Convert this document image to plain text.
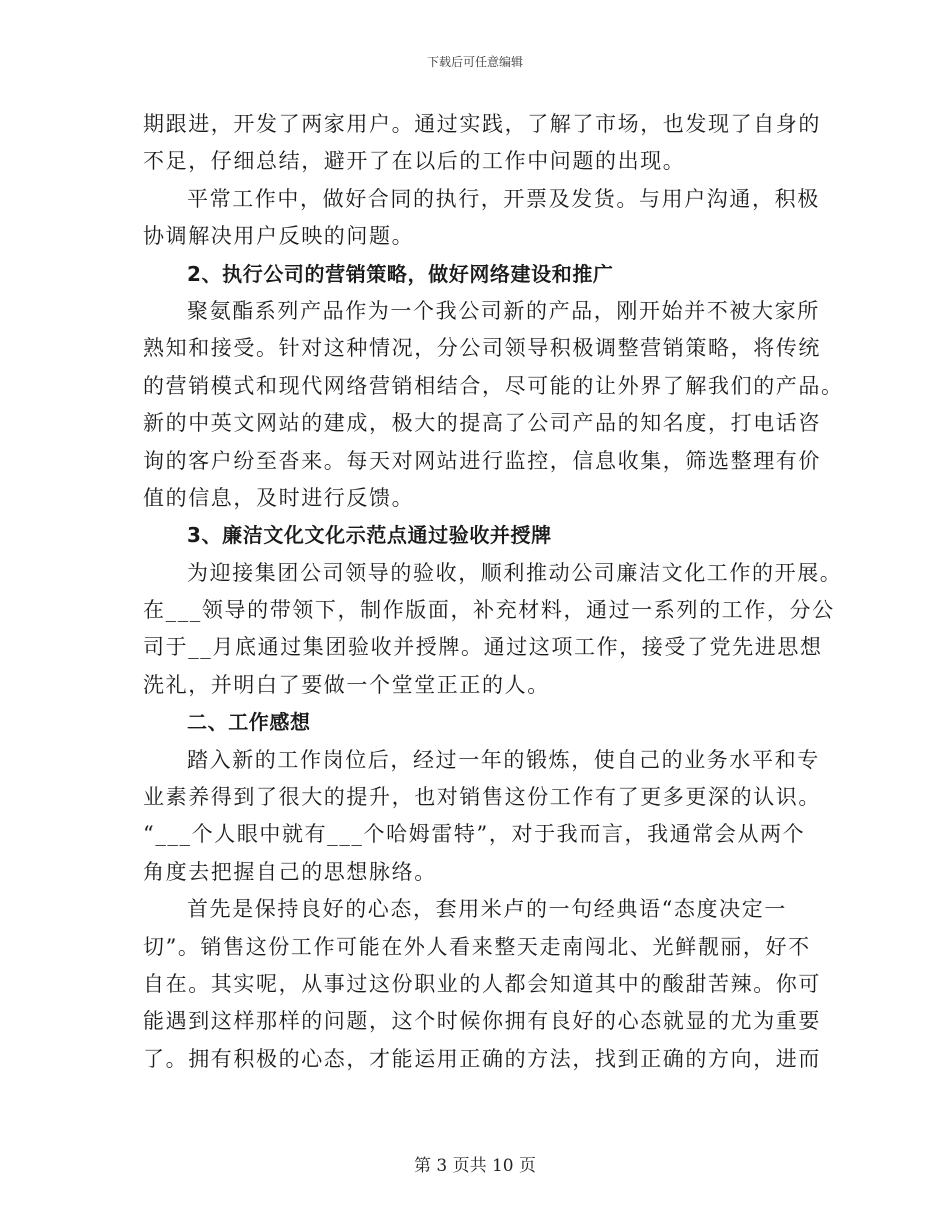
下载后可任意编辑
期跟进，开发了两家用户。通过实践，了解了市场，也发现了自身的
不足，仔细总结，避开了在以后的工作中问题的出现。
平常工作中，做好合同的执行，开票及发货。与用户沟通，积极
协调解决用户反映的问题。
2、执行公司的营销策略，做好网络建设和推广
聚氨酯系列产品作为一个我公司新的产品，刚开始并不被大家所
熟知和接受。针对这种情况，分公司领导积极调整营销策略，将传统
的营销模式和现代网络营销相结合，尽可能的让外界了解我们的产品。
新的中英文网站的建成，极大的提高了公司产品的知名度，打电话咨
询的客户纷至沓来。每天对网站进行监控，信息收集，筛选整理有价
值的信息，及时进行反馈。
3、廉洁文化文化示范点通过验收并授牌
为迎接集团公司领导的验收，顺利推动公司廉洁文化工作的开展。
在___领导的带领下，制作版面，补充材料，通过一系列的工作，分公
司于__月底通过集团验收并授牌。通过这项工作，接受了党先进思想
洗礼，并明白了要做一个堂堂正正的人。
二、工作感想
踏入新的工作岗位后，经过一年的锻炼，使自己的业务水平和专
业素养得到了很大的提升，也对销售这份工作有了更多更深的认识。
“___个人眼中就有___个哈姆雷特”，对于我而言，我通常会从两个
角度去把握自己的思想脉络。
首先是保持良好的心态，套用米卢的一句经典语“态度决定一
切”。销售这份工作可能在外人看来整天走南闯北、光鲜靓丽，好不
自在。其实呢，从事过这份职业的人都会知道其中的酸甜苦辣。你可
能遇到这样那样的问题，这个时候你拥有良好的心态就显的尤为重要
了。拥有积极的心态，才能运用正确的方法，找到正确的方向，进而
第 3 页共 10 页
